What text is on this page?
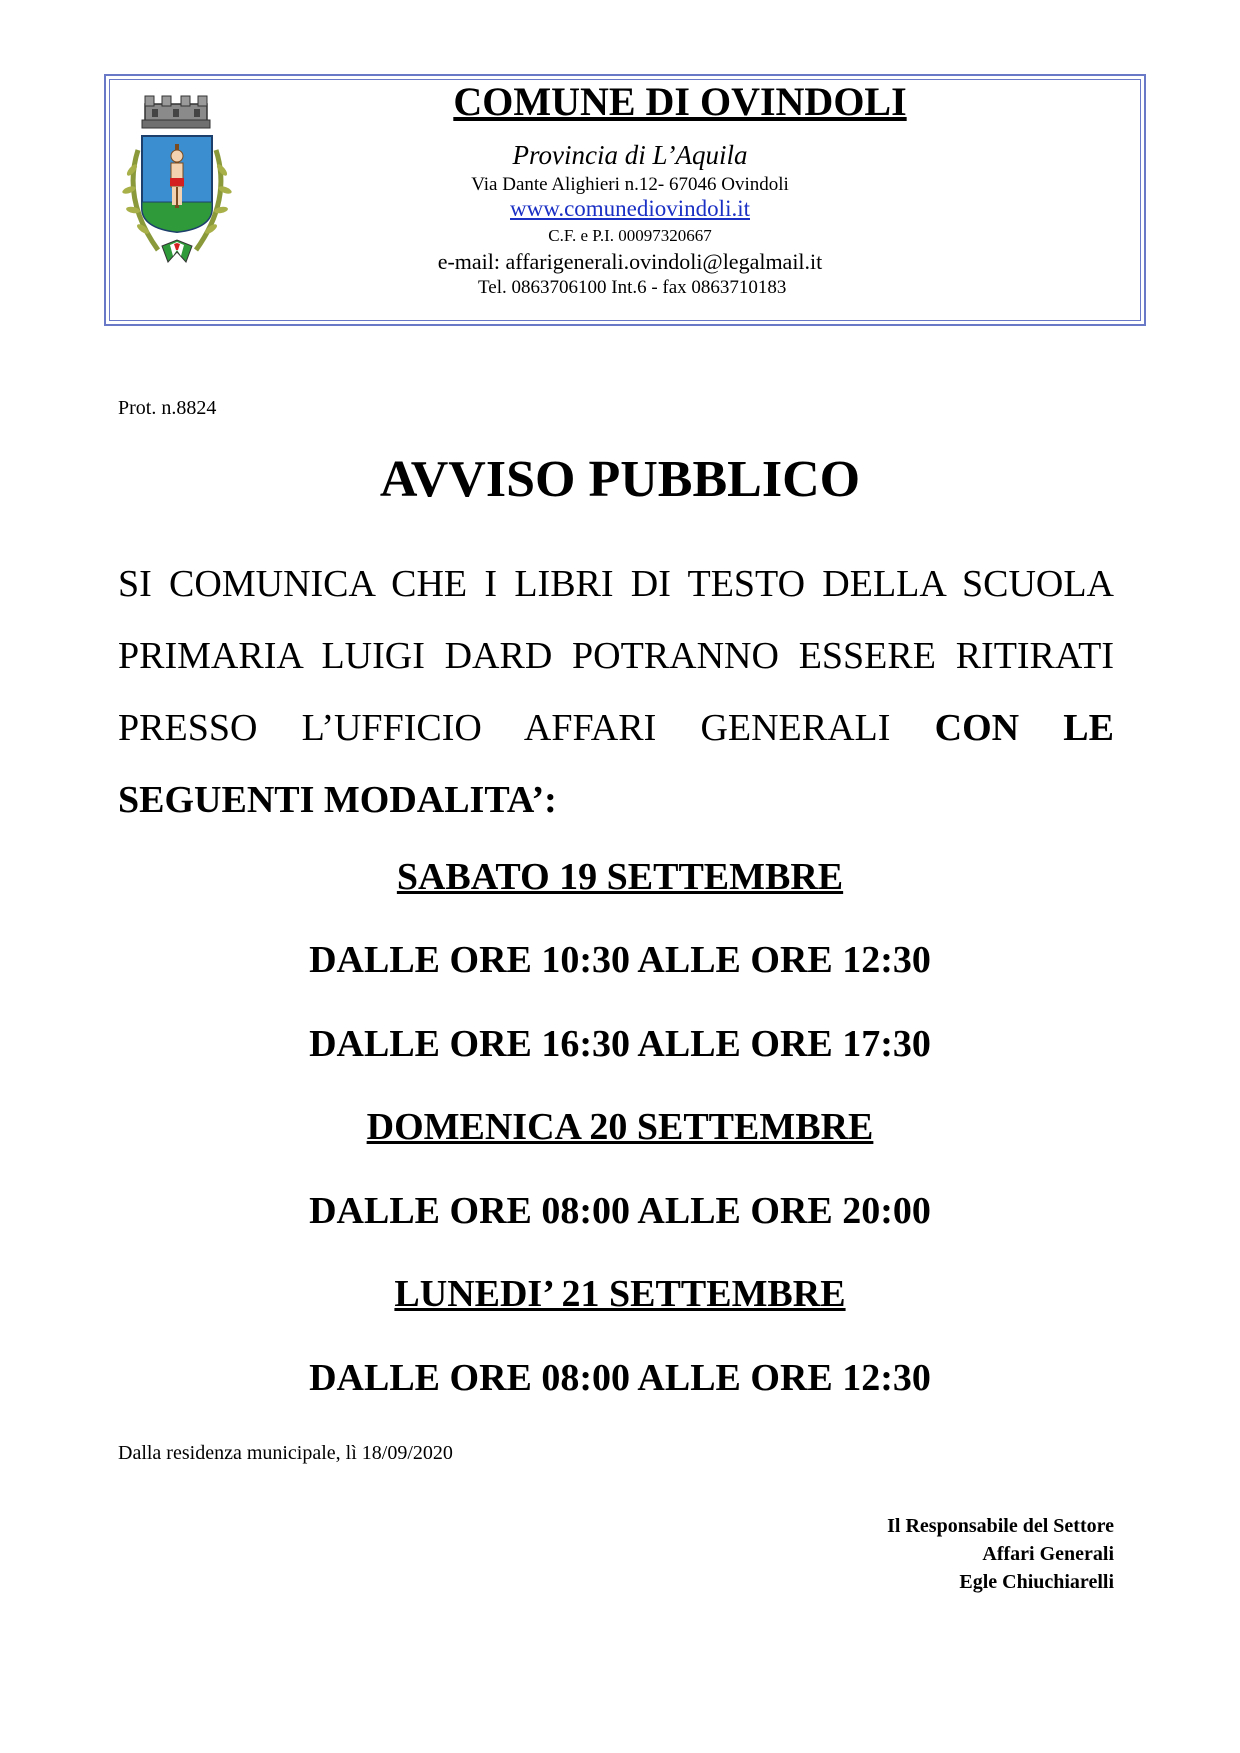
COMUNE DI OVINDOLI
Provincia di L’Aquila
Via Dante Alighieri n.12- 67046 Ovindoli
www.comunediovindoli.it
C.F. e P.I. 00097320667
e-mail: affarigenerali.ovindoli@legalmail.it
Tel. 0863706100 Int.6 - fax 0863710183
Prot. n.8824
AVVISO PUBBLICO
SI COMUNICA CHE I LIBRI DI TESTO DELLA SCUOLA PRIMARIA LUIGI DARD POTRANNO ESSERE RITIRATI PRESSO L’UFFICIO AFFARI GENERALI CON LE SEGUENTI MODALITA’:
SABATO 19 SETTEMBRE
DALLE ORE 10:30 ALLE ORE 12:30
DALLE ORE 16:30 ALLE ORE 17:30
DOMENICA 20 SETTEMBRE
DALLE ORE 08:00 ALLE ORE 20:00
LUNEDI’ 21 SETTEMBRE
DALLE ORE 08:00 ALLE ORE 12:30
Dalla residenza municipale, lì 18/09/2020
Il Responsabile del Settore
Affari Generali
Egle Chiuchiarelli
